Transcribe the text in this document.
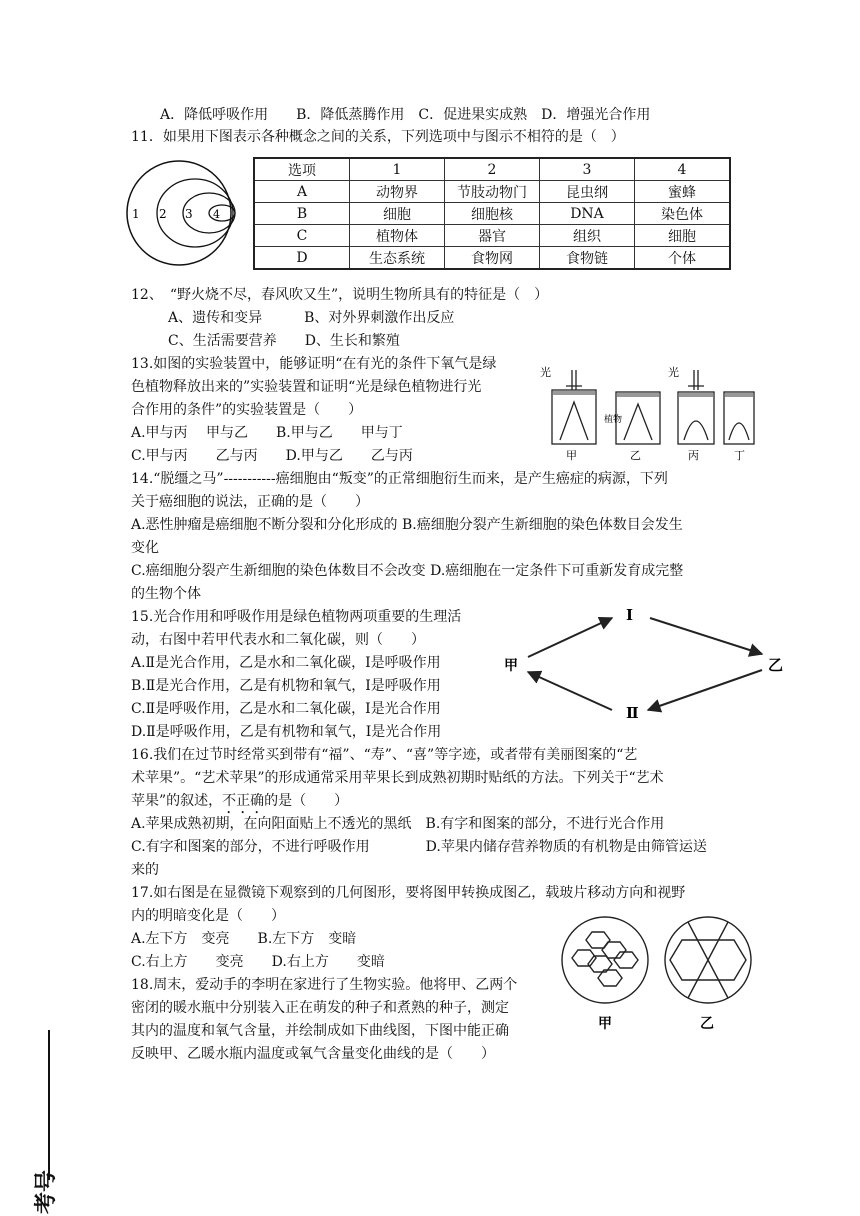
A．降低呼吸作用　　B．降低蒸腾作用　C．促进果实成熟　D．增强光合作用
11．如果用下图表示各种概念之间的关系，下列选项中与图示不相符的是（　）
1 2 3 4
选项	1	2	3	4
A	动物界	节肢动物门	昆虫纲	蜜蜂
B	细胞	细胞核	DNA	染色体
C	植物体	器官	组织	细胞
D	生态系统	食物网	食物链	个体
12、　“野火烧不尽，春风吹又生”，说明生物所具有的特征是（　）
A、遗传和变异　　　B、对外界刺激作出反应
C、生活需要营养　　D、生长和繁殖
13.如图的实验装置中，能够证明“在有光的条件下氧气是绿
色植物释放出来的”实验装置和证明“光是绿色植物进行光
合作用的条件”的实验装置是（　　）
A.甲与丙　 甲与乙　　B.甲与乙　　甲与丁
C.甲与丙　　乙与丙　　D.甲与乙　　乙与丙
光
植物
光
甲	乙	丙	丁
14.“脱缰之马”-----------癌细胞由“叛变”的正常细胞衍生而来，是产生癌症的病源，下列
关于癌细胞的说法，正确的是（　　）
A.恶性肿瘤是癌细胞不断分裂和分化形成的 B.癌细胞分裂产生新细胞的染色体数目会发生
变化
C.癌细胞分裂产生新细胞的染色体数目不会改变 D.癌细胞在一定条件下可重新发育成完整
的生物个体
15.光合作用和呼吸作用是绿色植物两项重要的生理活
动，右图中若甲代表水和二氧化碳，则（　　）
A.Ⅱ是光合作用，乙是水和二氧化碳，Ⅰ是呼吸作用
B.Ⅱ是光合作用，乙是有机物和氧气，Ⅰ是呼吸作用
C.Ⅱ是呼吸作用，乙是水和二氧化碳，Ⅰ是光合作用
D.Ⅱ是呼吸作用，乙是有机物和氧气，Ⅰ是光合作用
Ⅰ
甲	乙
Ⅱ
16.我们在过节时经常买到带有“福”、“寿”、“喜”等字迹，或者带有美丽图案的“艺
术苹果”。“艺术苹果”的形成通常采用苹果长到成熟初期时贴纸的方法。下列关于“艺术
苹果”的叙述，不正确的是（　　）
A.苹果成熟初期，在向阳面贴上不透光的黑纸　B.有字和图案的部分，不进行光合作用
C.有字和图案的部分，不进行呼吸作用　　　　D.苹果内储存营养物质的有机物是由筛管运送
来的
17.如右图是在显微镜下观察到的几何图形，要将图甲转换成图乙，载玻片移动方向和视野
内的明暗变化是（　　）
A.左下方　变亮　　B.左下方　变暗
C.右上方　　变亮　　D.右上方　　变暗
甲	乙
18.周末，爱动手的李明在家进行了生物实验。他将甲、乙两个
密闭的暖水瓶中分别装入正在萌发的种子和煮熟的种子，测定
其内的温度和氧气含量，并绘制成如下曲线图，下图中能正确
反映甲、乙暖水瓶内温度或氧气含量变化曲线的是（　　）
考号
